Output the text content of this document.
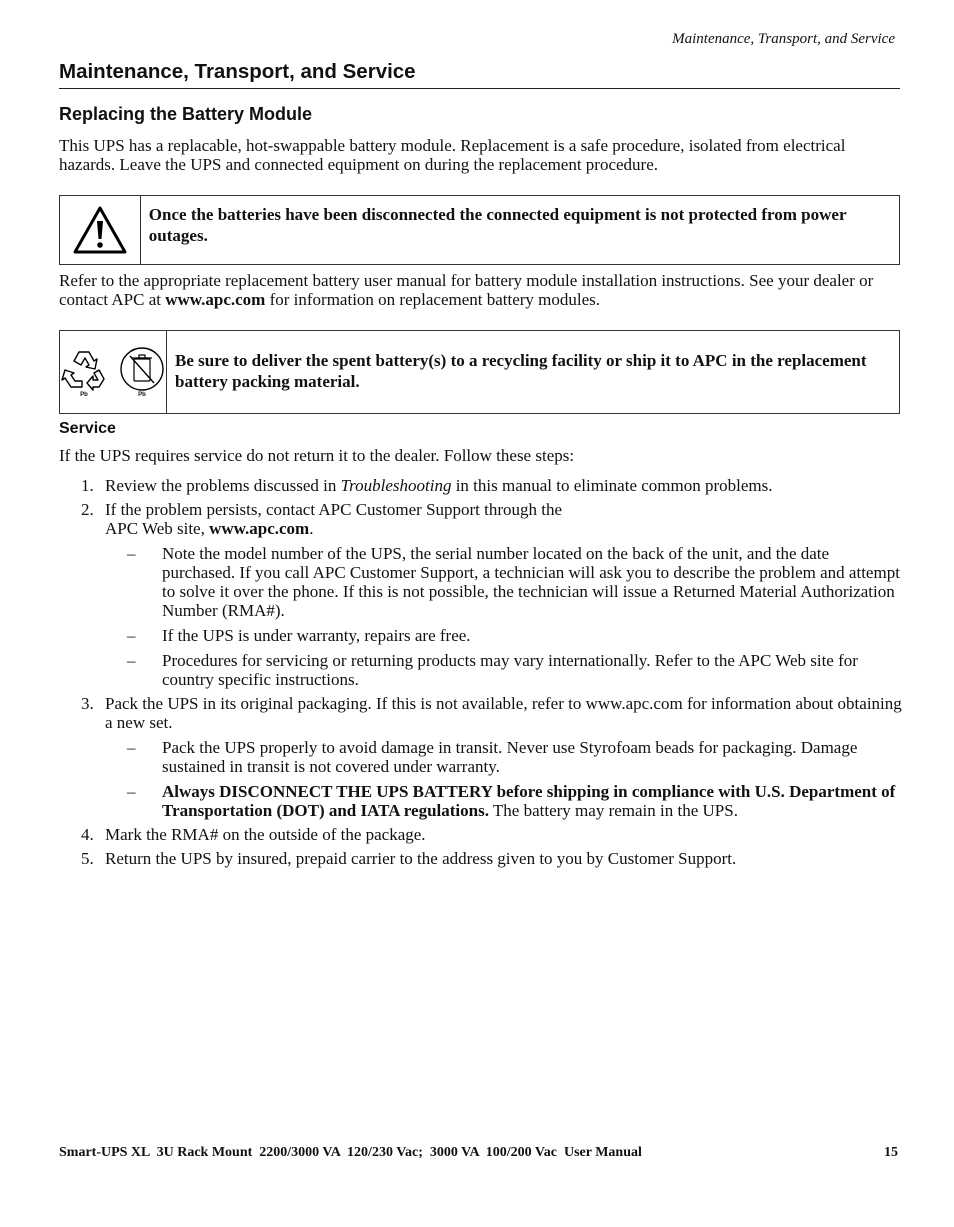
Maintenance, Transport, and Service
Maintenance, Transport, and Service
Replacing the Battery Module
This UPS has a replacable, hot-swappable battery module. Replacement is a safe procedure, isolated from electrical hazards. Leave the UPS and connected equipment on during the replacement procedure.
Once the batteries have been disconnected the connected equipment is not protected from power outages.
Refer to the appropriate replacement battery user manual for battery module installation instructions. See your dealer or contact APC at www.apc.com for information on replacement battery modules.
Pb	Pb
Be sure to deliver the spent battery(s) to a recycling facility or ship it to APC in the replacement battery packing material.
Service
If the UPS requires service do not return it to the dealer. Follow these steps:
1. Review the problems discussed in Troubleshooting in this manual to eliminate common problems.
2. If the problem persists, contact APC Customer Support through the
APC Web site, www.apc.com.
– Note the model number of the UPS, the serial number located on the back of the unit, and the date purchased. If you call APC Customer Support, a technician will ask you to describe the problem and attempt to solve it over the phone. If this is not possible, the technician will issue a Returned Material Authorization Number (RMA#).
– If the UPS is under warranty, repairs are free.
– Procedures for servicing or returning products may vary internationally. Refer to the APC Web site for country specific instructions.
3. Pack the UPS in its original packaging. If this is not available, refer to www.apc.com for information about obtaining a new set.
– Pack the UPS properly to avoid damage in transit. Never use Styrofoam beads for packaging. Damage sustained in transit is not covered under warranty.
– Always DISCONNECT THE UPS BATTERY before shipping in compliance with U.S. Department of Transportation (DOT) and IATA regulations. The battery may remain in the UPS.
4. Mark the RMA# on the outside of the package.
5. Return the UPS by insured, prepaid carrier to the address given to you by Customer Support.
Smart-UPS XL  3U Rack Mount  2200/3000 VA  120/230 Vac;  3000 VA  100/200 Vac  User Manual	15
